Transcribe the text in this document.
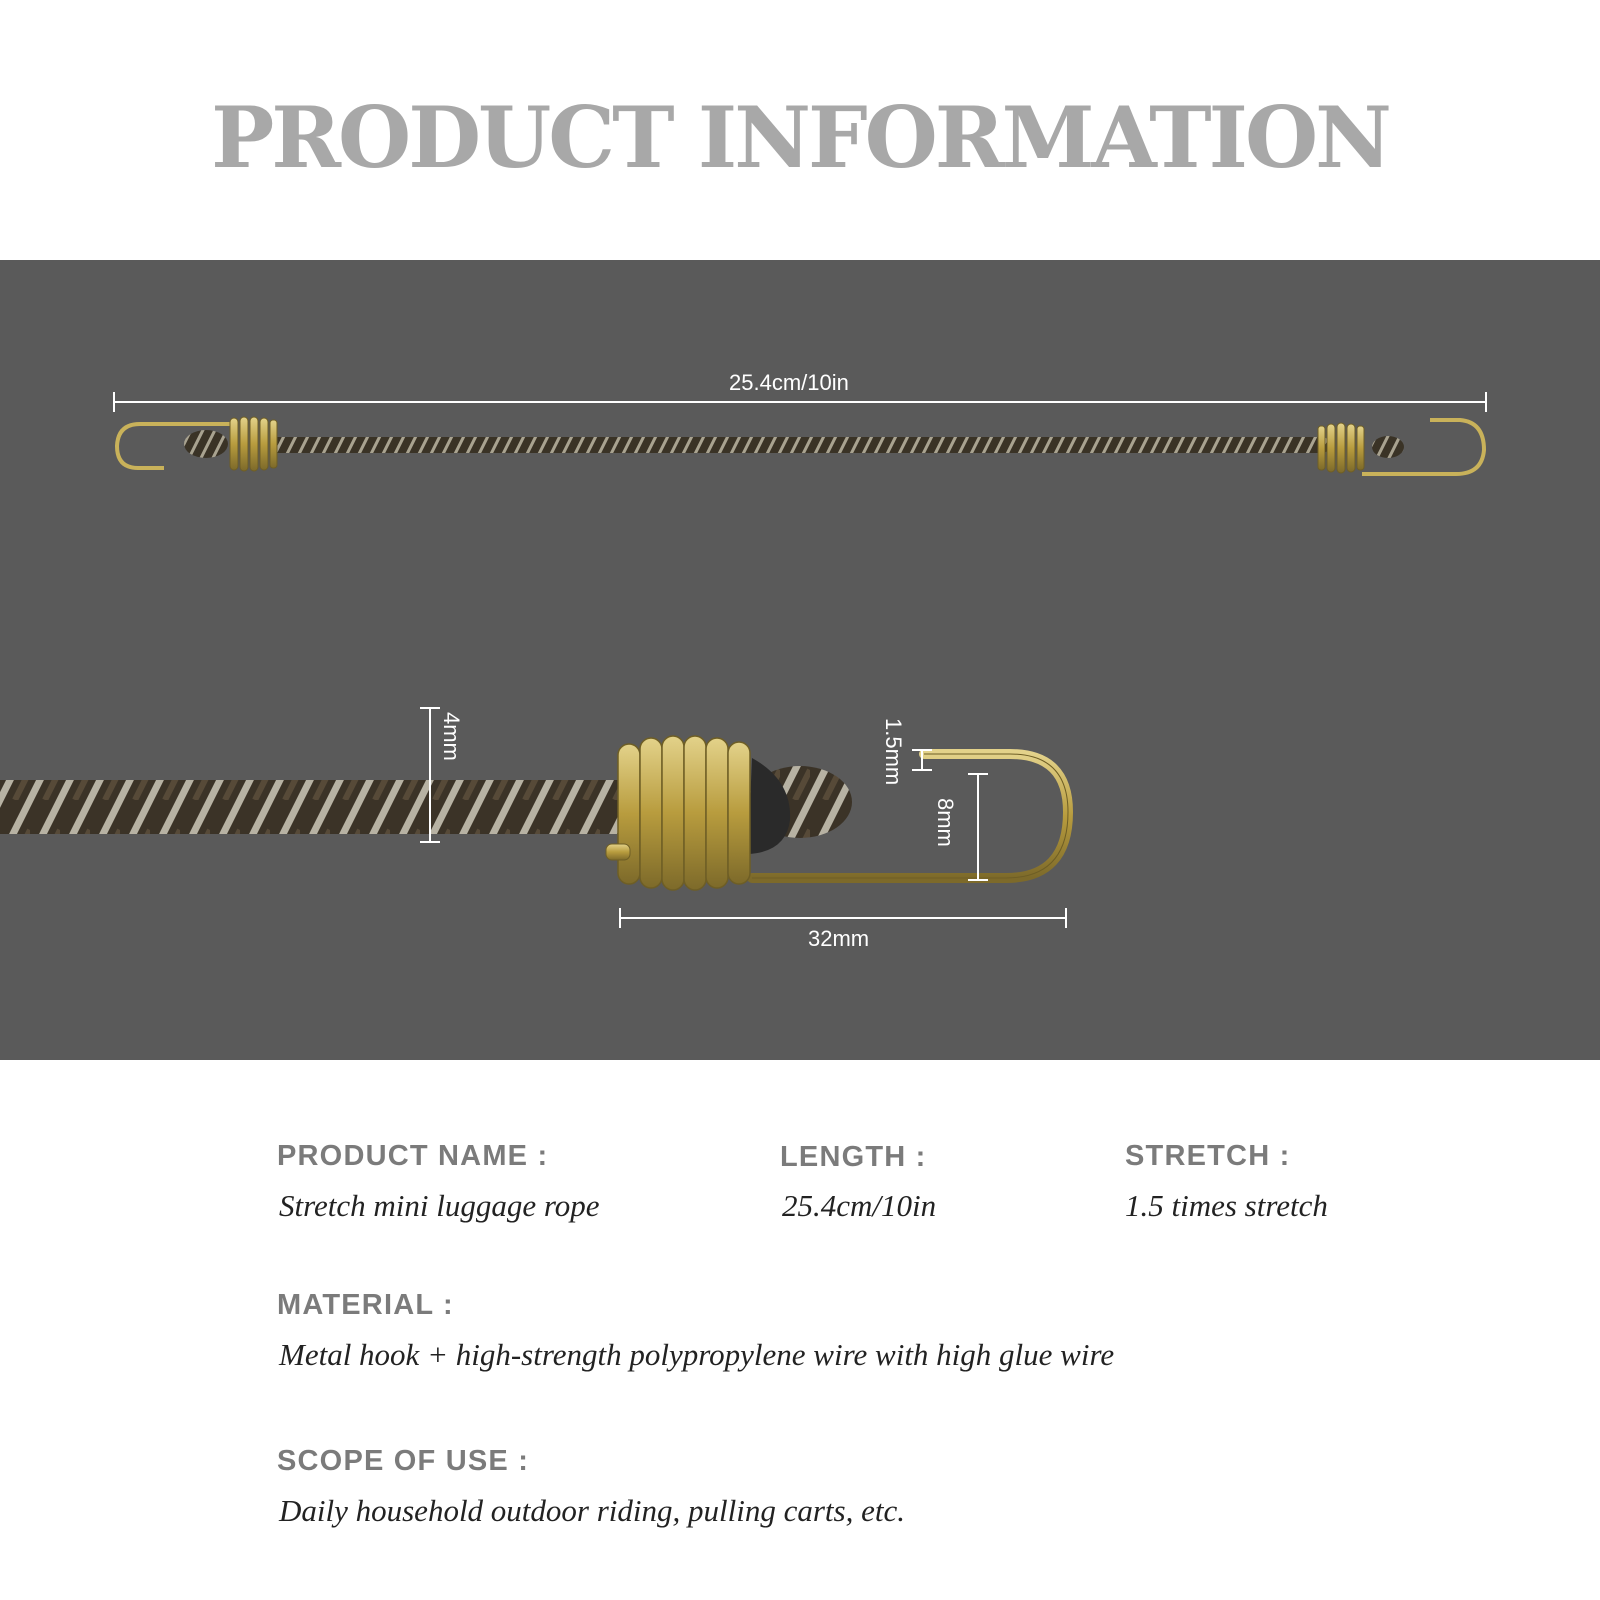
PRODUCT INFORMATION
25.4cm/10in
4mm	1.5mm
8mm
32mm
PRODUCT NAME :
Stretch mini luggage rope
LENGTH :
25.4cm/10in
STRETCH :
1.5 times stretch
MATERIAL :
Metal hook + high-strength polypropylene wire with high glue wire
SCOPE OF USE :
Daily household outdoor riding, pulling carts, etc.
